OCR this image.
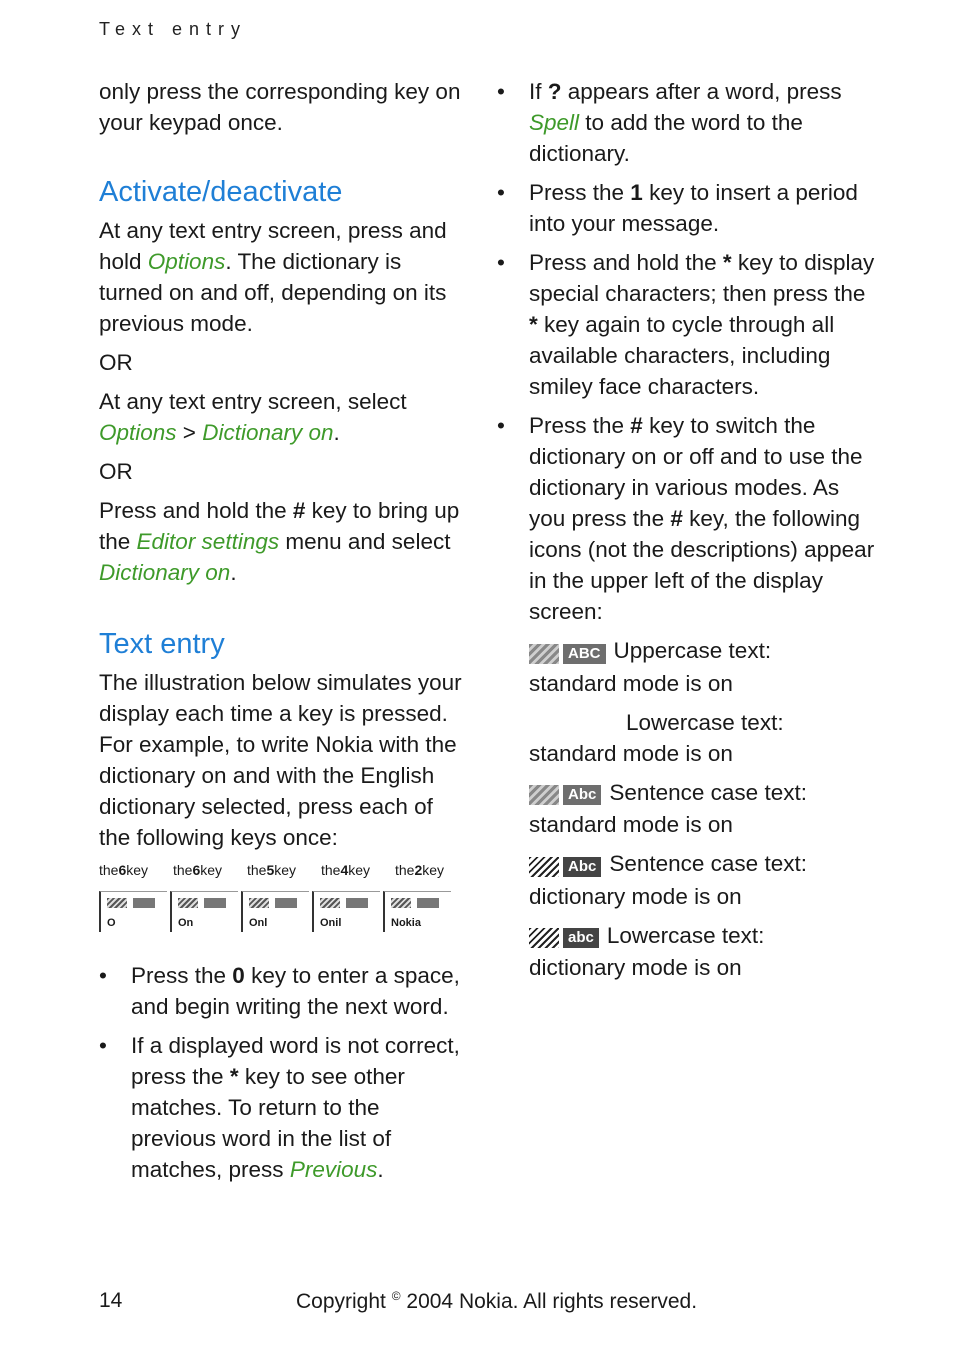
Text entry

only press the corresponding key on your keypad once.

Activate/deactivate

At any text entry screen, press and hold Options. The dictionary is turned on and off, depending on its previous mode.

OR

At any text entry screen, select Options > Dictionary on.

OR

Press and hold the # key to bring up the Editor settings menu and select Dictionary on.

Text entry

The illustration below simulates your display each time a key is pressed. For example, to write Nokia with the dictionary on and with the English dictionary selected, press each of the following keys once:

the6key	the6key	the5key	the4key	the2key
O	On	Onl	Onil	Nokia
• Press the 0 key to enter a space, and begin writing the next word.
• If a displayed word is not correct, press the * key to see other matches. To return to the previous word in the list of matches, press Previous.
• If ? appears after a word, press Spell to add the word to the dictionary.
• Press the 1 key to insert a period into your message.
• Press and hold the * key to display special characters; then press the * key again to cycle through all available characters, including smiley face characters.
• Press the # key to switch the dictionary on or off and to use the dictionary in various modes. As you press the # key, the following icons (not the descriptions) appear in the upper left of the display screen:
ABC Uppercase text:
standard mode is on
Lowercase text:
standard mode is on
Abc Sentence case text:
standard mode is on
Abc Sentence case text:
dictionary mode is on
abc Lowercase text:
dictionary mode is on
14	Copyright © 2004 Nokia. All rights reserved.
